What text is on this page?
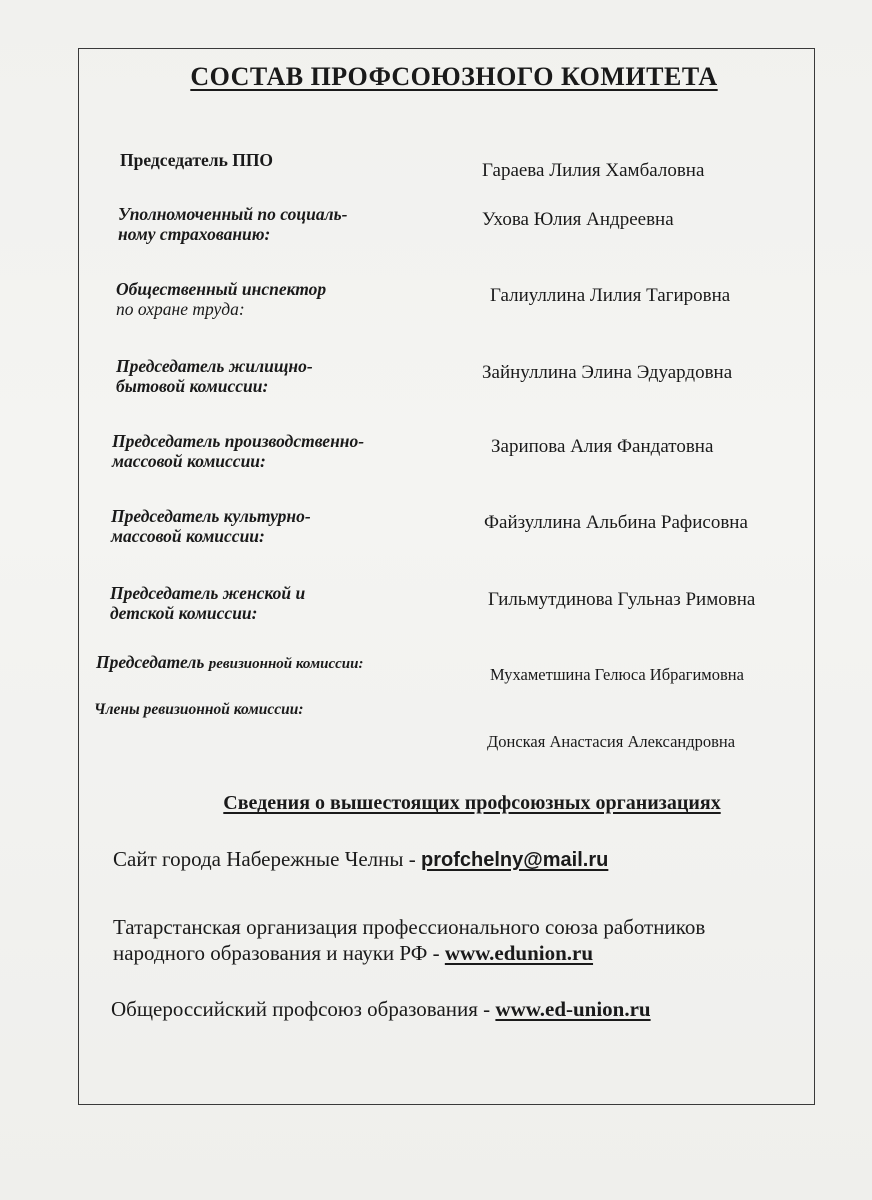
СОСТАВ ПРОФСОЮЗНОГО КОМИТЕТА
Председатель ППО	Гараева Лилия Хамбаловна
Уполномоченный по социаль-
ному страхованию:
Ухова Юлия Андреевна
Общественный инспектор
по охране труда:
Галиуллина Лилия Тагировна
Председатель жилищно-
бытовой комиссии:
Зайнуллина Элина Эдуардовна
Председатель производственно-
массовой комиссии:
Зарипова Алия Фандатовна
Председатель культурно-
массовой комиссии:
Файзуллина Альбина Рафисовна
Председатель женской и
детской комиссии:
Гильмутдинова Гульназ Римовна
Председатель ревизионной комиссии:
Мухаметшина Гелюса Ибрагимовна
Члены ревизионной комиссии:
Донская Анастасия Александровна
Сведения о вышестоящих профсоюзных организациях
Сайт города Набережные Челны - profchelny@mail.ru
Татарстанская организация профессионального союза работников
народного образования и науки РФ - www.edunion.ru
Общероссийский профсоюз образования - www.ed-union.ru
